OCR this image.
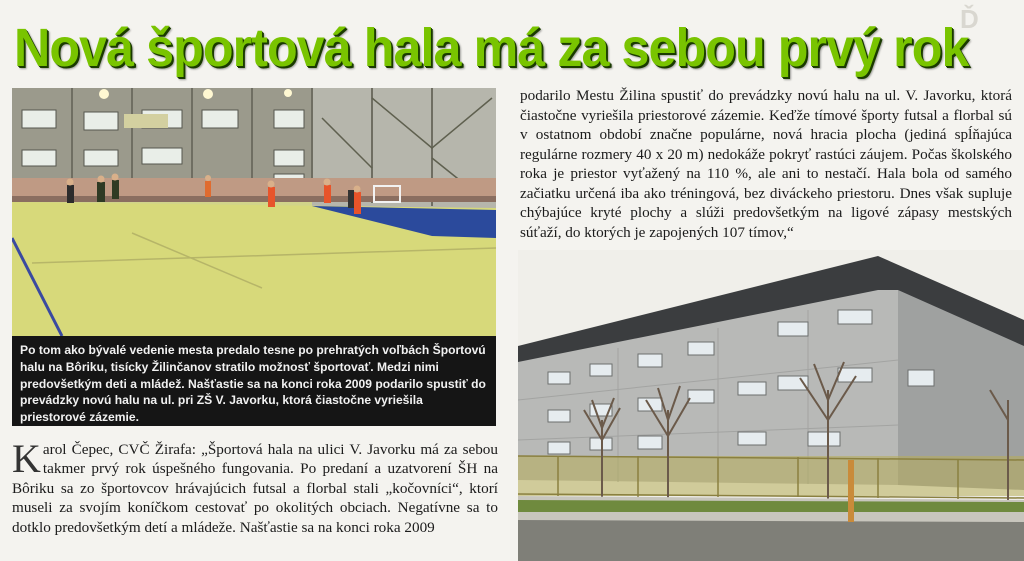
Ď
Nová športová hala má za sebou prvý rok
Po tom ako bývalé vedenie mesta predalo tesne po prehratých voľbách Športovú halu na Bôriku, tisícky Žilinčanov stratilo možnosť športovať. Medzi nimi predovšetkým deti a mládež. Našťastie sa na konci roka 2009 podarilo spustiť do prevádzky novú halu na ul. pri ZŠ V. Javorku, ktorá čiastočne vyriešila priestorové zázemie.
Karol Čepec, CVČ Žirafa: „Športová hala na ulici V. Javorku má za sebou takmer prvý rok úspešného fungovania. Po predaní a uzatvorení ŠH na Bôriku sa zo športovcov hrávajúcich futsal a florbal stali „kočovníci“, ktorí museli za svojím koníčkom cestovať po okolitých obciach. Negatívne sa to dotklo predovšetkým detí a mládeže. Našťastie sa na konci roka 2009
podarilo Mestu Žilina spustiť do prevádzky novú halu na ul. V. Javorku, ktorá čiastočne vyriešila priestorové zázemie. Keďže tímové športy futsal a florbal sú v ostatnom období značne populárne, nová hracia plocha (jediná spĺňajúca regulárne rozmery 40 x 20 m) nedokáže pokryť rastúci záujem. Počas školského roka je priestor vyťažený na 110 %, ale ani to nestačí. Hala bola od samého začiatku určená iba ako tréningová, bez diváckeho priestoru. Dnes však supluje chýbajúce kryté plochy a slúži predovšetkým na ligové zápasy mestských súťaží, do ktorých je zapojených 107 tímov,“
